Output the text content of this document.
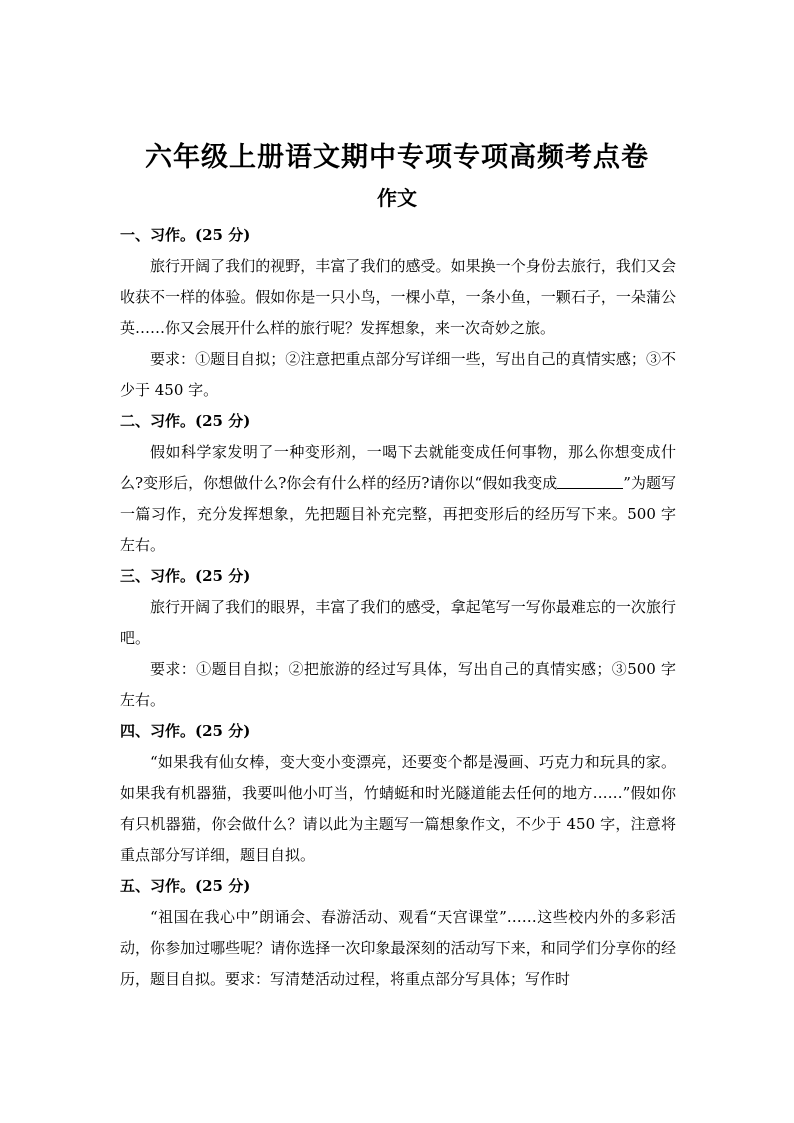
六年级上册语文期中专项专项高频考点卷
作文
一、习作。(25 分)

旅行开阔了我们的视野，丰富了我们的感受。如果换一个身份去旅行，我们又会收获不一样的体验。假如你是一只小鸟，一棵小草，一条小鱼，一颗石子，一朵蒲公英……你又会展开什么样的旅行呢？发挥想象，来一次奇妙之旅。

要求：①题目自拟；②注意把重点部分写详细一些，写出自己的真情实感；③不少于 450 字。

二、习作。(25 分)

假如科学家发明了一种变形剂，一喝下去就能变成任何事物，那么你想变成什么?变形后，你想做什么?你会有什么样的经历?请你以“假如我变成	”为题写一篇习作，充分发挥想象，先把题目补充完整，再把变形后的经历写下来。500 字左右。

三、习作。(25 分)

旅行开阔了我们的眼界，丰富了我们的感受，拿起笔写一写你最难忘的一次旅行吧。

要求：①题目自拟；②把旅游的经过写具体，写出自己的真情实感；③500 字左右。

四、习作。(25 分)

“如果我有仙女棒，变大变小变漂亮，还要变个都是漫画、巧克力和玩具的家。如果我有机器猫，我要叫他小叮当，竹蜻蜓和时光隧道能去任何的地方……”假如你有只机器猫，你会做什么？请以此为主题写一篇想象作文，不少于 450 字，注意将重点部分写详细，题目自拟。

五、习作。(25 分)

“祖国在我心中”朗诵会、春游活动、观看“天宫课堂”……这些校内外的多彩活动，你参加过哪些呢？请你选择一次印象最深刻的活动写下来，和同学们分享你的经历，题目自拟。要求：写清楚活动过程，将重点部分写具体；写作时
